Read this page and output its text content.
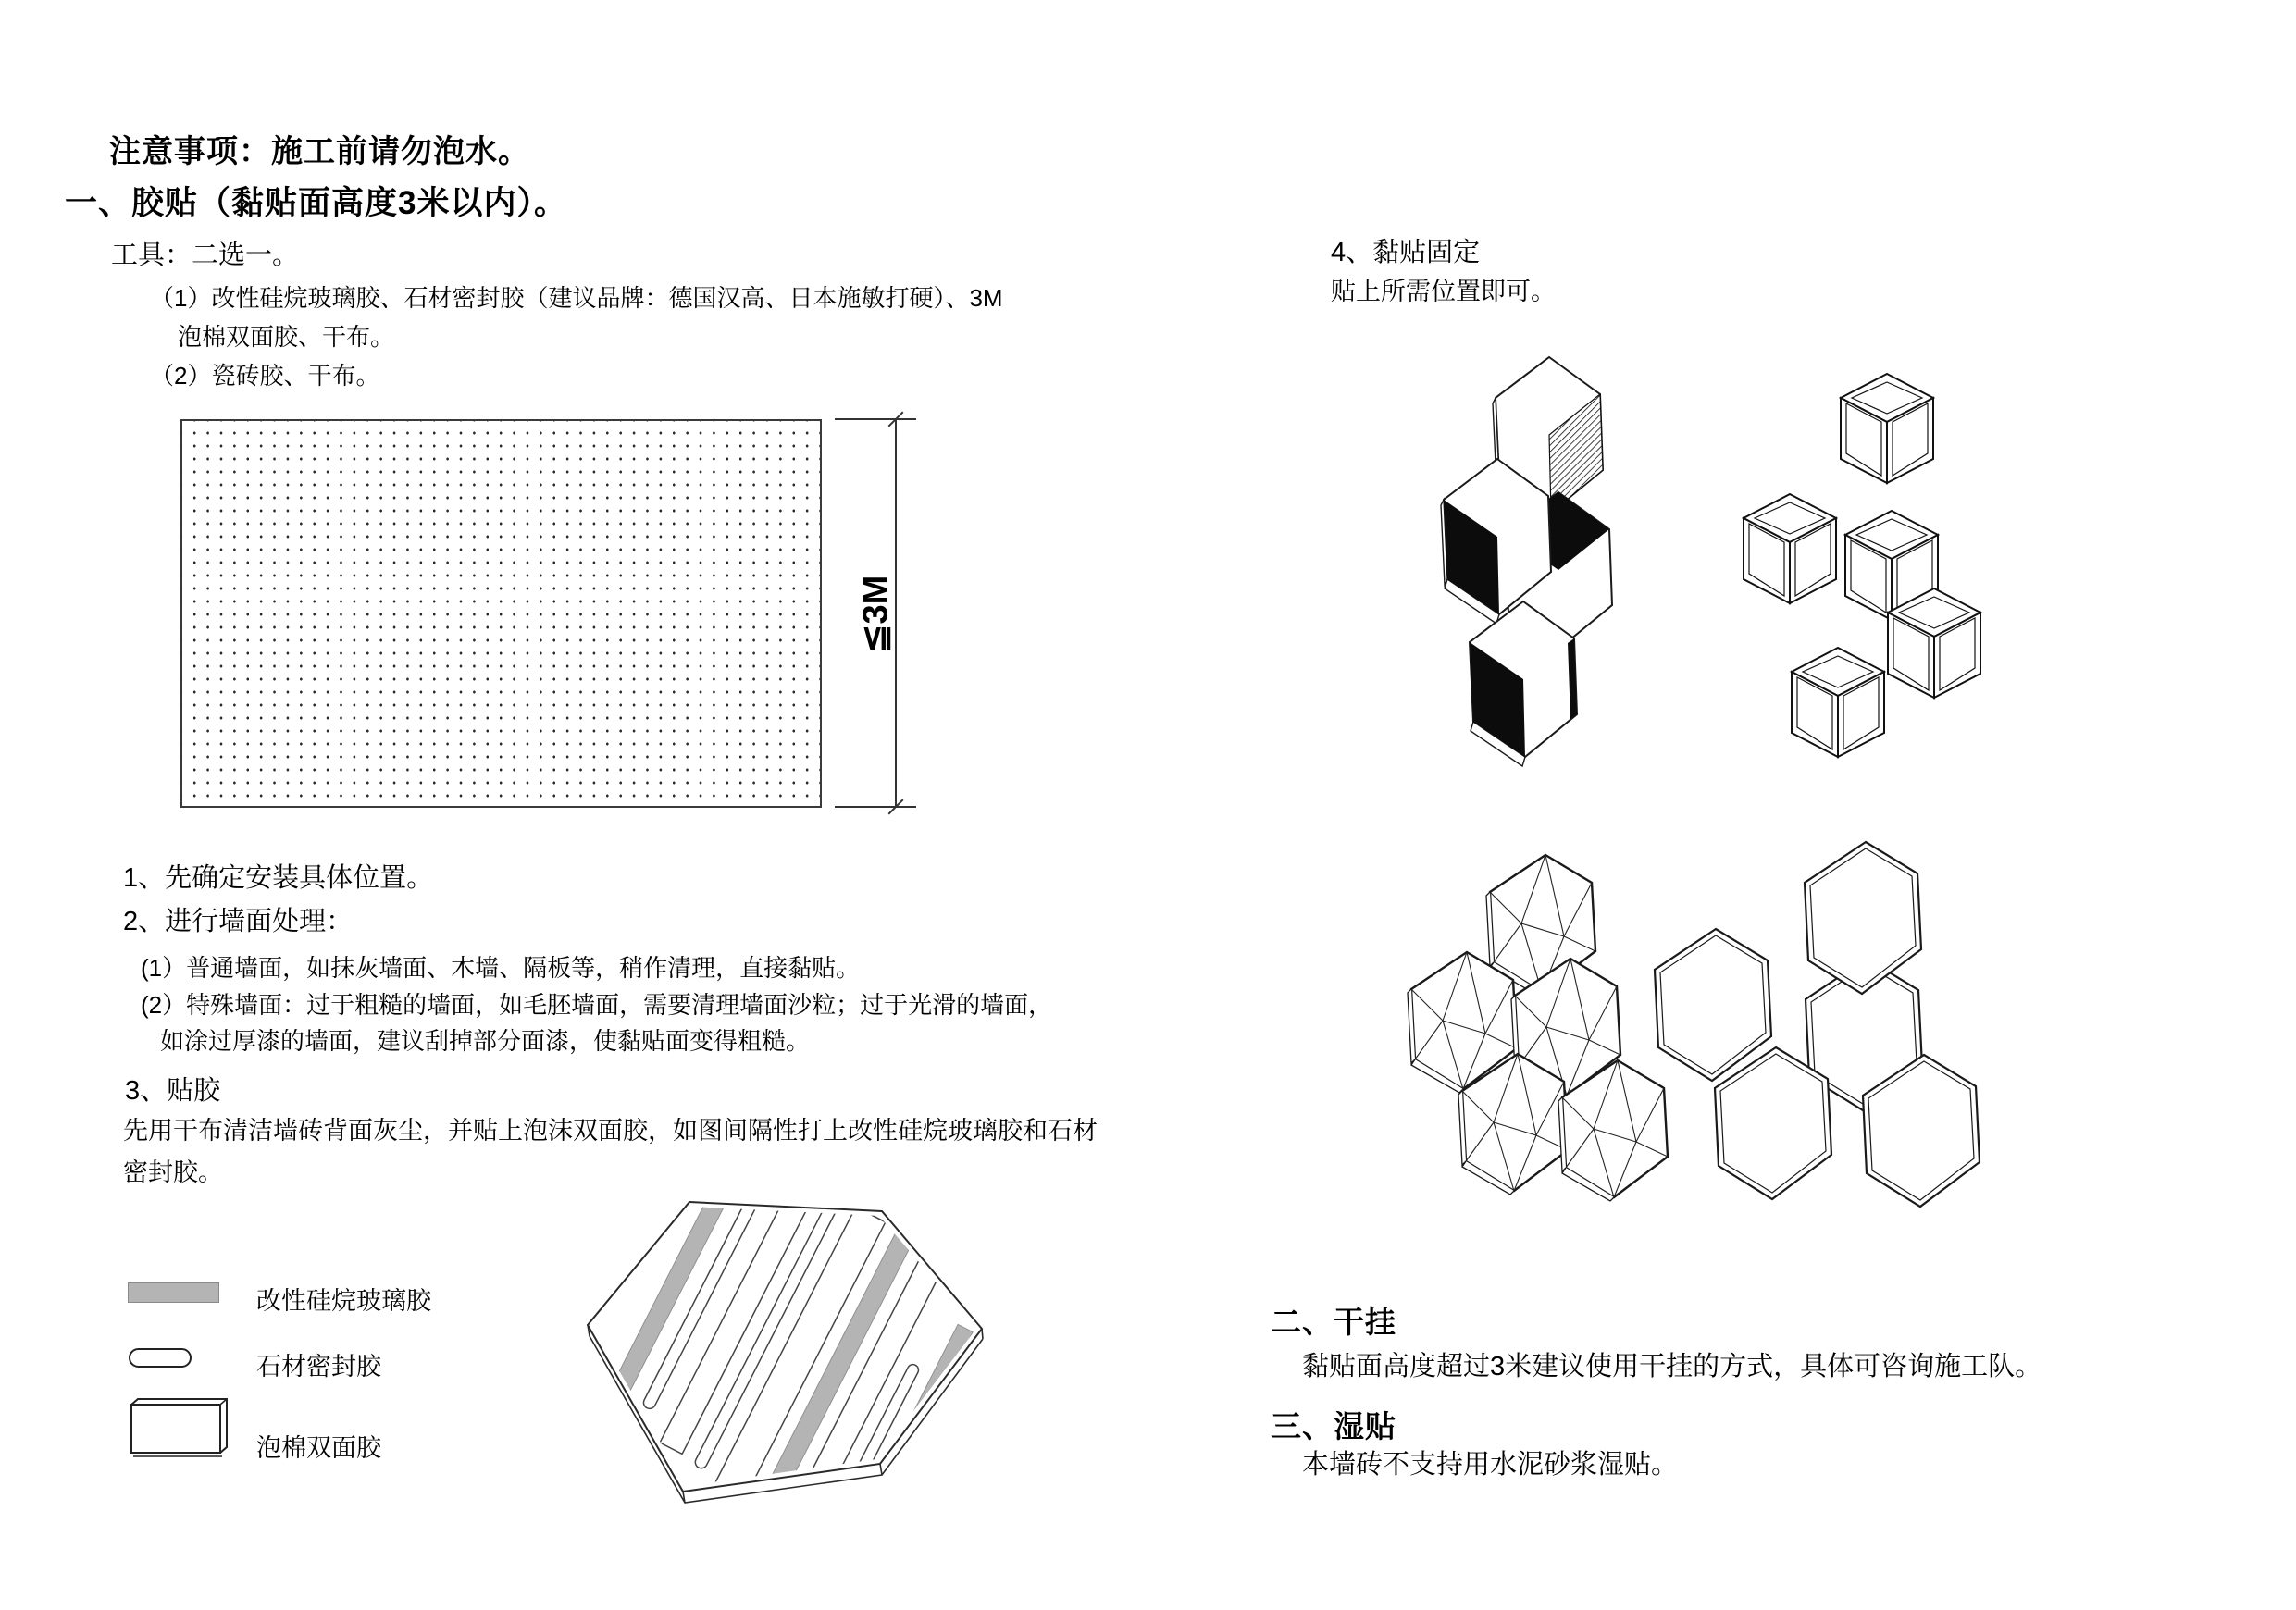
注意事项：施工前请勿泡水。
一、胶贴（黏贴面高度3米以内）。
工具：二选一。
（1）改性硅烷玻璃胶、石材密封胶（建议品牌：德国汉高、日本施敏打硬）、3M
泡棉双面胶、干布。
（2）瓷砖胶、干布。
≦3M
1、先确定安装具体位置。
2、进行墙面处理：
(1）普通墙面，如抹灰墙面、木墙、隔板等，稍作清理，直接黏贴。
(2）特殊墙面：过于粗糙的墙面，如毛胚墙面，需要清理墙面沙粒；过于光滑的墙面，
如涂过厚漆的墙面，建议刮掉部分面漆，使黏贴面变得粗糙。
3、贴胶
先用干布清洁墙砖背面灰尘，并贴上泡沫双面胶，如图间隔性打上改性硅烷玻璃胶和石材
密封胶。
改性硅烷玻璃胶
石材密封胶
泡棉双面胶
4、黏贴固定
贴上所需位置即可。
二、干挂
黏贴面高度超过3米建议使用干挂的方式，具体可咨询施工队。
三、湿贴
本墙砖不支持用水泥砂浆湿贴。
